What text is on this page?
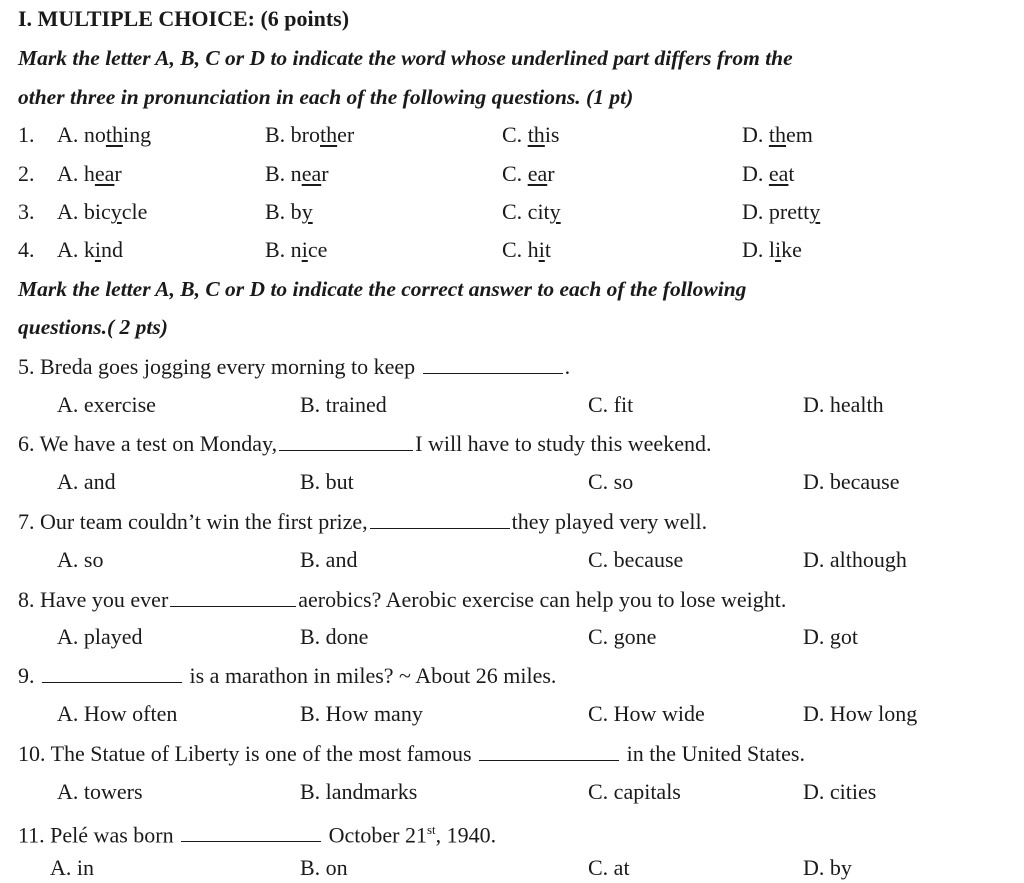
I. MULTIPLE CHOICE: (6 points)
Mark the letter A, B, C or D to indicate the word whose underlined part differs from the
other three in pronunciation in each of the following questions. (1 pt)
1. A. nothing	B. brother	C. this	D. them
2. A. hear	B. near	C. ear	D. eat
3. A. bicycle	B. by	C. city	D. pretty
4. A. kind	B. nice	C. hit	D. like
Mark the letter A, B, C or D to indicate the correct answer to each of the following
questions.( 2 pts)
5. Breda goes jogging every morning to keep	.
A. exercise	B. trained	C. fit	D. health
6. We have a test on Monday,	I will have to study this weekend.
A. and	B. but	C. so	D. because
7. Our team couldn’t win the first prize,	they played very well.
A. so	B. and	C. because	D. although
8. Have you ever	aerobics? Aerobic exercise can help you to lose weight.
A. played	B. done	C. gone	D. got
9.	is a marathon in miles? ~ About 26 miles.
A. How often	B. How many	C. How wide	D. How long
10. The Statue of Liberty is one of the most famous	in the United States.
A. towers	B. landmarks	C. capitals	D. cities
11. Pelé was born	October 21st, 1940.
A. in	B. on	C. at	D. by
